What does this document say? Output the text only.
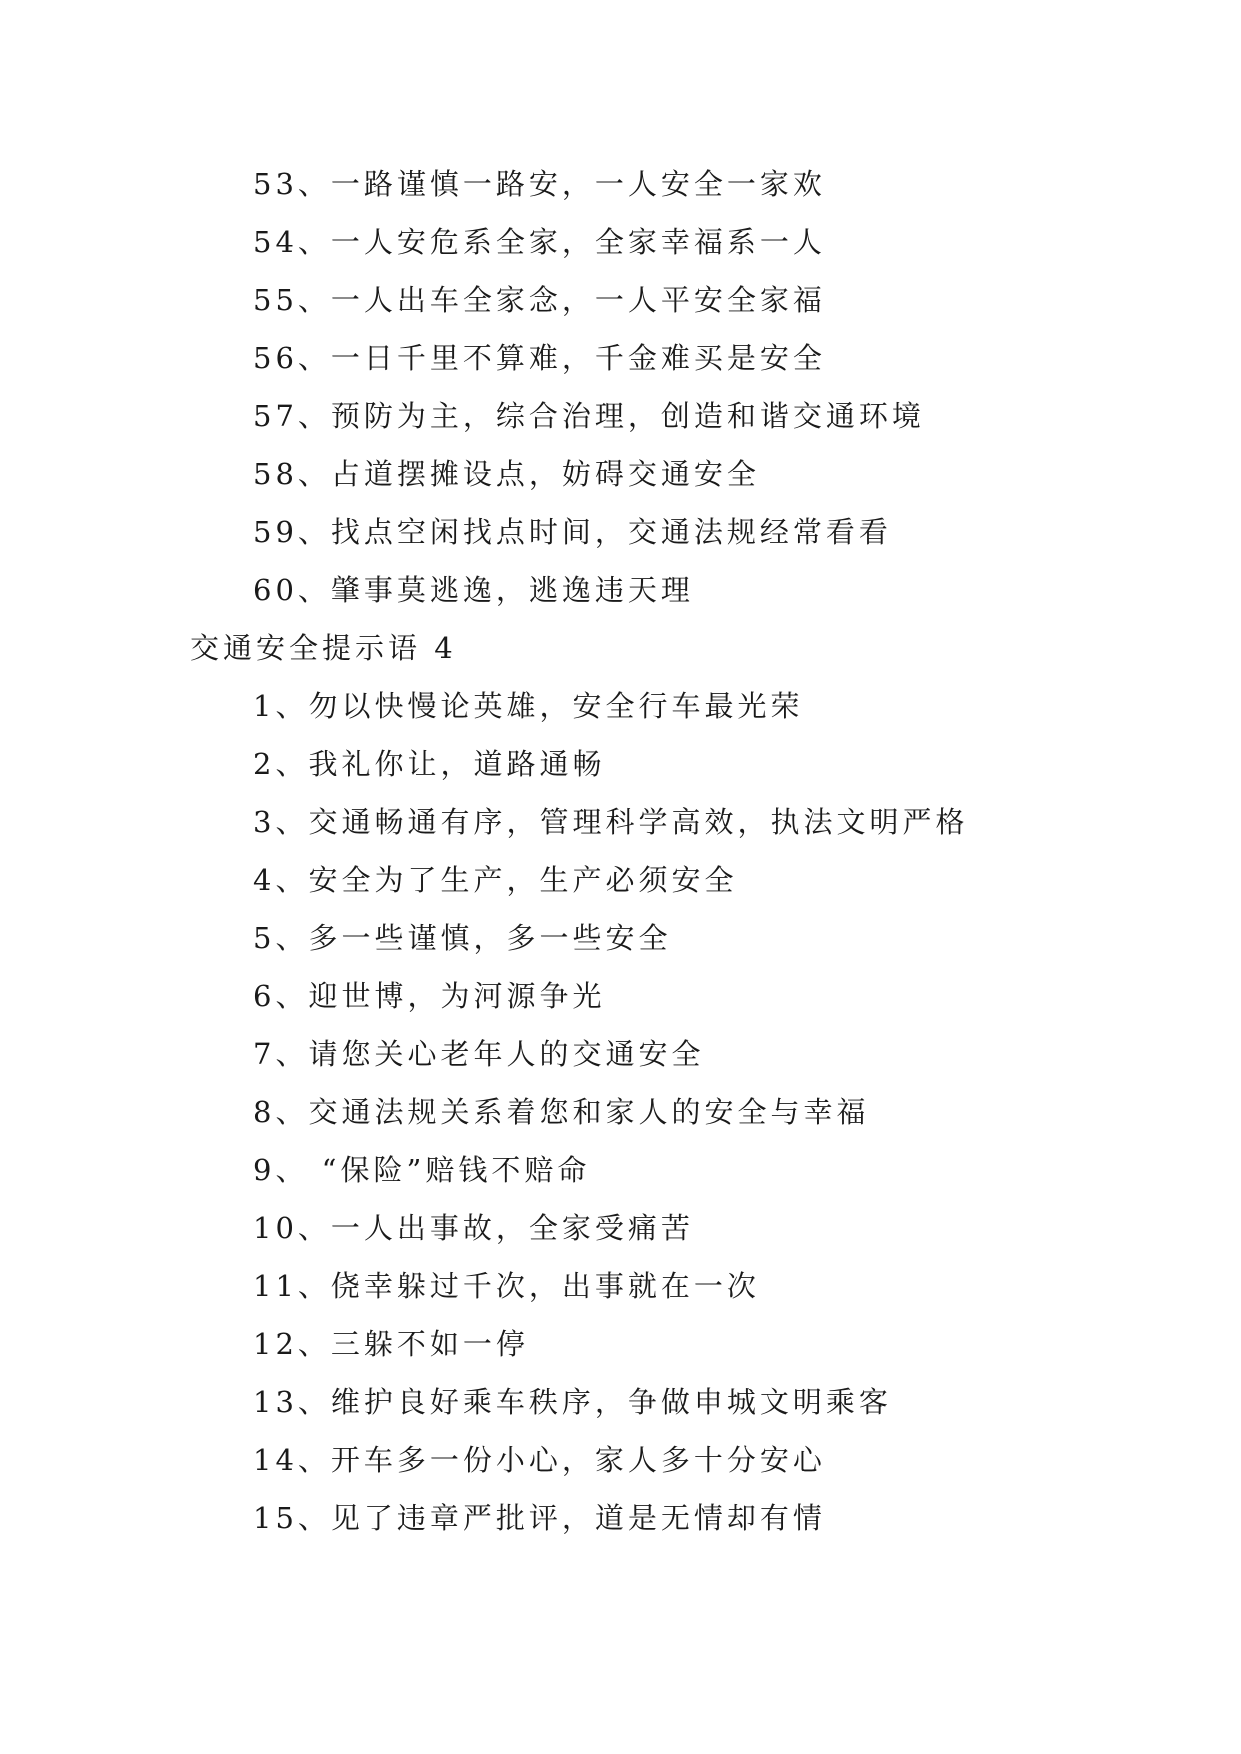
53、一路谨慎一路安，一人安全一家欢
54、一人安危系全家，全家幸福系一人
55、一人出车全家念，一人平安全家福
56、一日千里不算难，千金难买是安全
57、预防为主，综合治理，创造和谐交通环境
58、占道摆摊设点，妨碍交通安全
59、找点空闲找点时间，交通法规经常看看
60、肇事莫逃逸，逃逸违天理
交通安全提示语 4
1、勿以快慢论英雄，安全行车最光荣
2、我礼你让，道路通畅
3、交通畅通有序，管理科学高效，执法文明严格
4、安全为了生产，生产必须安全
5、多一些谨慎，多一些安全
6、迎世博，为河源争光
7、请您关心老年人的交通安全
8、交通法规关系着您和家人的安全与幸福
9、 “保险”赔钱不赔命
10、一人出事故，全家受痛苦
11、侥幸躲过千次，出事就在一次
12、三躲不如一停
13、维护良好乘车秩序，争做申城文明乘客
14、开车多一份小心，家人多十分安心
15、见了违章严批评，道是无情却有情
